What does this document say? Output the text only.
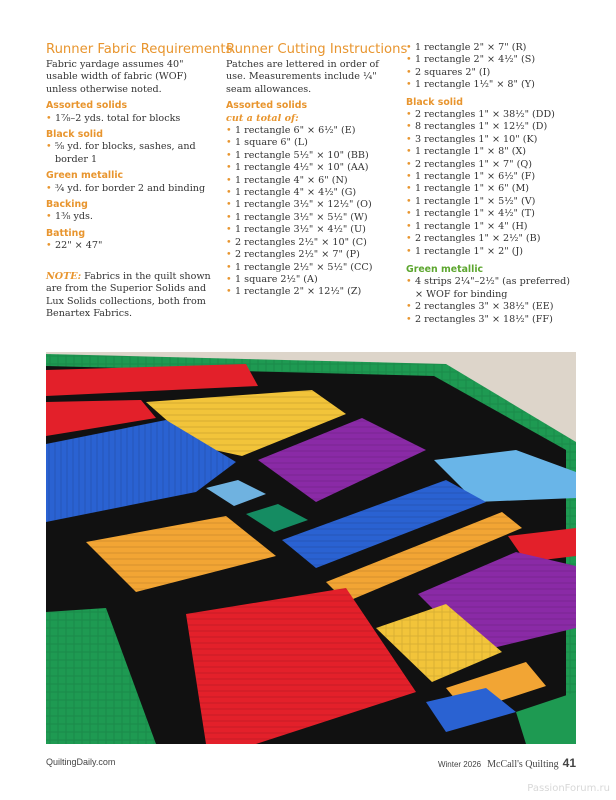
Runner Fabric Requirements

Fabric yardage assumes 40" usable width of fabric (WOF) unless otherwise noted.

Assorted solids
• 1⅞–2 yds. total for blocks
Black solid
• ⅝ yd. for blocks, sashes, and border 1
Green metallic
• ¾ yd. for border 2 and binding
Backing
• 1⅜ yds.
Batting
• 22" × 47"

NOTE: Fabrics in the quilt shown are from the Superior Solids and Lux Solids collections, both from Benartex Fabrics.

Runner Cutting Instructions

Patches are lettered in order of use. Measurements include ¼" seam allowances.

Assorted solids
cut a total of:
• 1 rectangle 6" × 6½" (E)
• 1 square 6" (L)
• 1 rectangle 5½" × 10" (BB)
• 1 rectangle 4½" × 10" (AA)
• 1 rectangle 4" × 6" (N)
• 1 rectangle 4" × 4½" (G)
• 1 rectangle 3½" × 12½" (O)
• 1 rectangle 3½" × 5½" (W)
• 1 rectangle 3½" × 4½" (U)
• 2 rectangles 2½" × 10" (C)
• 2 rectangles 2½" × 7" (P)
• 1 rectangle 2½" × 5½" (CC)
• 1 square 2½" (A)
• 1 rectangle 2" × 12½" (Z)
• 1 rectangle 2" × 7" (R)
• 1 rectangle 2" × 4½" (S)
• 2 squares 2" (I)
• 1 rectangle 1½" × 8" (Y)
Black solid
• 2 rectangles 1" × 38½" (DD)
• 8 rectangles 1" × 12½" (D)
• 3 rectangles 1" × 10" (K)
• 1 rectangle 1" × 8" (X)
• 2 rectangles 1" × 7" (Q)
• 1 rectangle 1" × 6½" (F)
• 1 rectangle 1" × 6" (M)
• 1 rectangle 1" × 5½" (V)
• 1 rectangle 1" × 4½" (T)
• 1 rectangle 1" × 4" (H)
• 2 rectangles 1" × 2½" (B)
• 1 rectangle 1" × 2" (J)
Green metallic
• 4 strips 2¼"–2½" (as preferred) × WOF for binding
• 2 rectangles 3" × 38½" (EE)
• 2 rectangles 3" × 18½" (FF)
QuiltingDaily.com	Winter 2026 McCall's Quilting 41
PassionForum.ru
